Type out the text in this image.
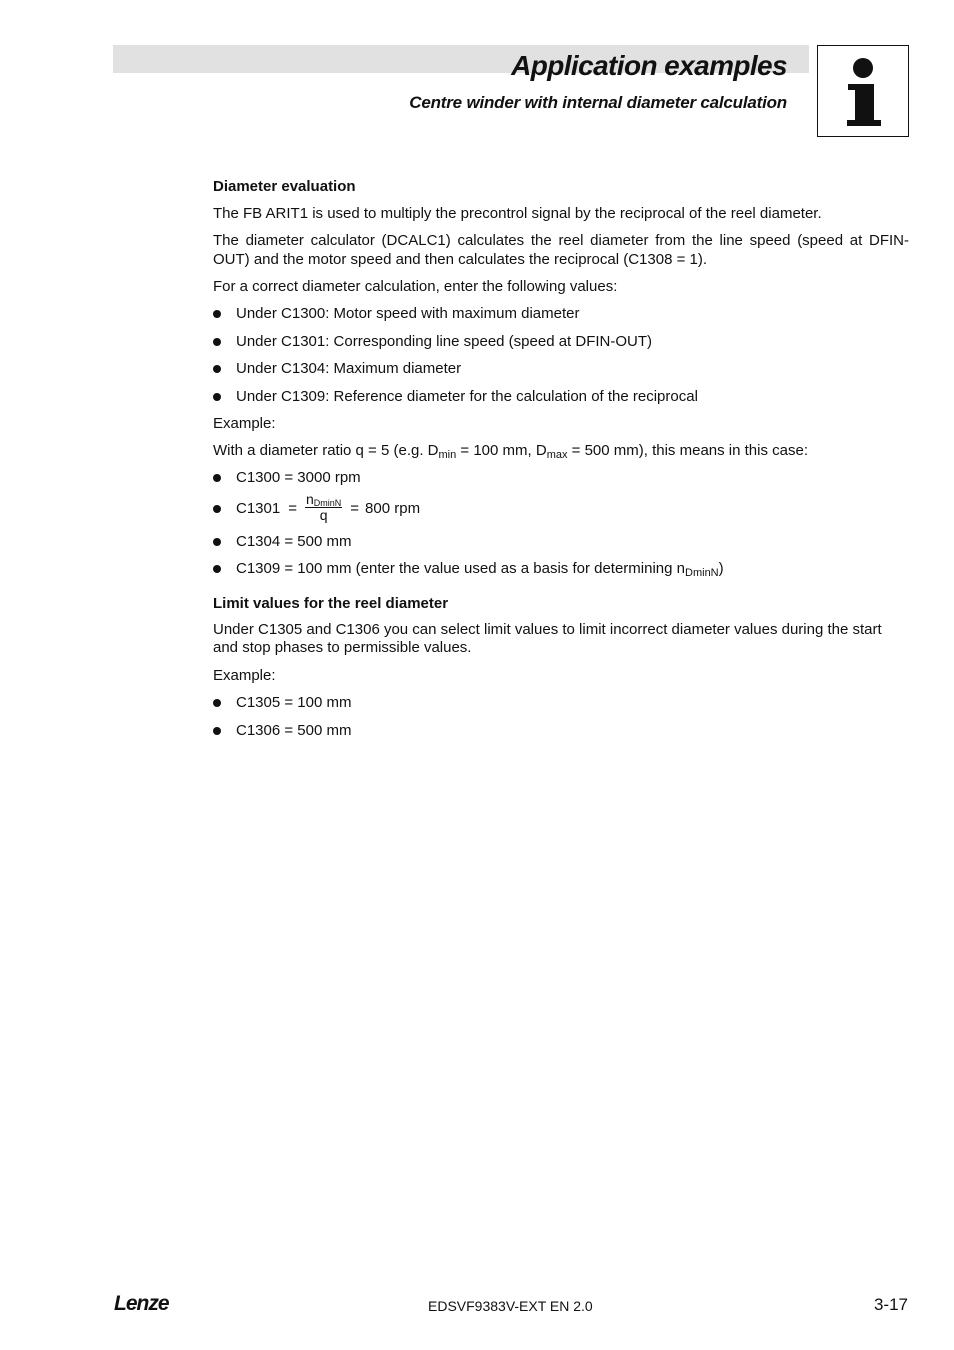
Application examples
Centre winder with internal diameter calculation
Diameter evaluation
The FB ARIT1 is used to multiply the precontrol signal by the reciprocal of the reel diameter.
The diameter calculator (DCALC1) calculates the reel diameter from the line speed (speed at DFIN-OUT) and the motor speed and then calculates the reciprocal (C1308 = 1).
For a correct diameter calculation, enter the following values:
Under C1300: Motor speed with maximum diameter
Under C1301: Corresponding line speed (speed at DFIN-OUT)
Under C1304: Maximum diameter
Under C1309: Reference diameter for the calculation of the reciprocal
Example:
With a diameter ratio q = 5 (e.g. $D_{min} = 100$ mm, $D_{max} = 500$ mm), this means in this case:
C1300 = 3000 rpm
$C1301 = \frac{n_{DminN}}{q} = 800$ rpm
C1304 = 500 mm
C1309 = 100 mm (enter the value used as a basis for determining $n_{DminN}$)
Limit values for the reel diameter
Under C1305 and C1306 you can select limit values to limit incorrect diameter values during the start and stop phases to permissible values.
Example:
C1305 = 100 mm
C1306 = 500 mm
Lenze	EDSVF9383V-EXT EN 2.0	3-17
